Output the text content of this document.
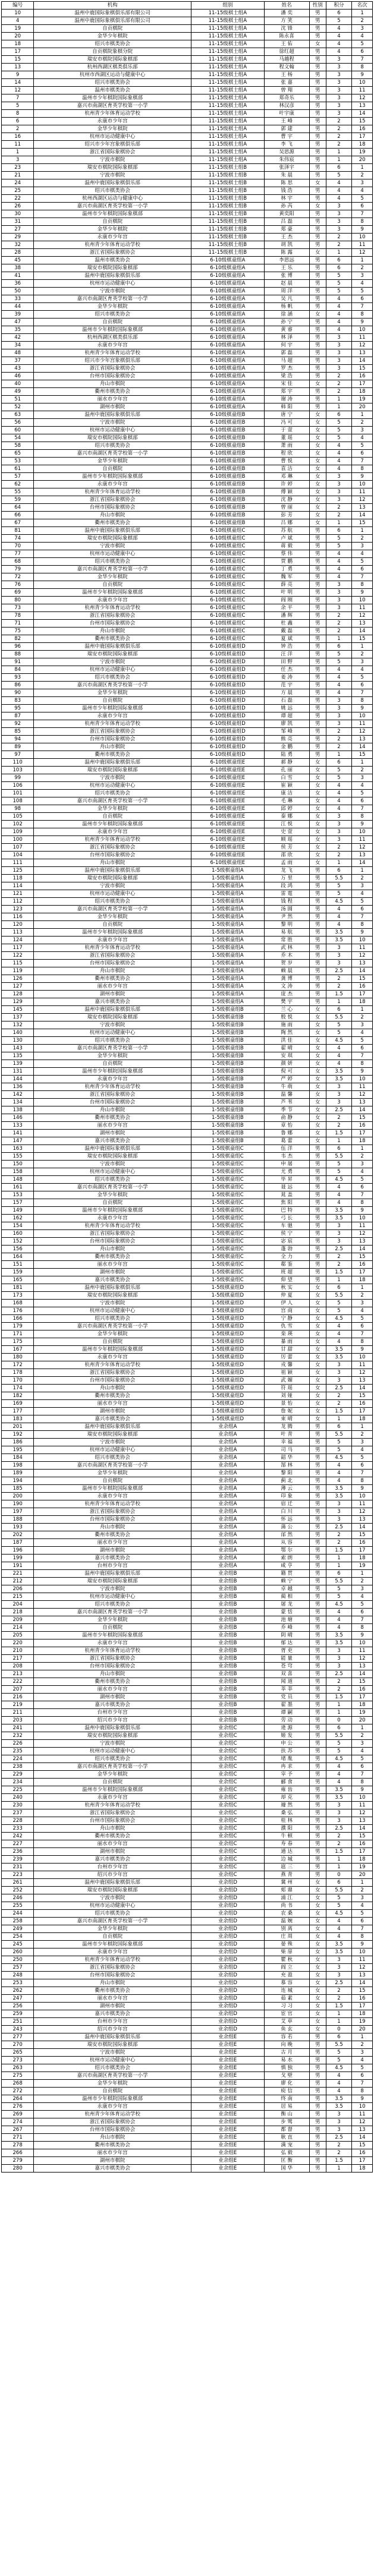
编号	机构	组别	姓名	性别	积分	名次
10	温州中鹿国际象棋俱乐部有限公司	11-15级棋士组A	潘 奕	男	6	1
4	温州中鹿国际象棋俱乐部有限公司	11-15级棋士组A	方 笑	男	5	2
19	自贡棋院	11-15级棋士组A	沈 锋	男	4	3
20	金华少年棋院	11-15级棋士组A	陈永喜	男	4	4
18	绍兴市棋类协会	11-15级棋士组A	王 佑	女	4	5
17	自贡棋院象棋分院	11-15级棋士组A	徐红超	男	4	6
15	瑞安市棋院国际象棋部	11-15级棋士组A	马越程	男	3	7
13	杭州西湖区棋类俱乐部	11-15级棋士组A	程文翰	男	3	8
9	杭州市西湖区运动与健康中心	11-15级棋士组A	王 杨	男	3	9
14	绍兴市棋类协会	11-15级棋士组A	张 嘉	男	3	10
12	温州市棋类协会	11-15级棋士组A	曾 翔	男	3	11
7	温州市少年棋院国际象棋部	11-15级棋士组A	郑奇乐	男	3	12
5	嘉兴市南湖区育英学校第一小学	11-15级棋士组A	林汉彦	男	3	13
8	杭州青少年体育运动学校	11-15级棋士组A	叶宇康	男	3	14
6	永康市少年宫	11-15级棋士组A	王 峰	男	2	15
2	金华少年棋院	11-15级棋士组A	郭 建	男	2	16
16	杭州市运动健康中心	11-15级棋士组A	曹 宇	男	2	17
11	绍兴市少年宫象棋俱乐部	11-15级棋士组A	李 飞	男	2	18
1	浙江省国际象棋协会	11-15级棋士组A	吴思源	男	1	19
3	宁波市棋院	11-15级棋士组A	朱伟宸	男	1	20
23	瑞安市棋院国际象棋部	11-15级棋士组B	张泽宇	男	6	1
21	宁波市棋院	11-15级棋士组B	朱 晨	男	5	2
24	温州中鹿国际象棋俱乐部	11-15级棋士组B	陈 思	女	4	3
25	绍兴市棋类协会	11-15级棋士组B	钱 浩	男	4	4
22	杭州西湖区运动与健康中心	11-15级棋士组B	林 宇	男	4	5
26	嘉兴市南湖区育英学校第一小学	11-15级棋士组B	孙 芮	女	3	6
30	温州市少年棋院国际象棋部	11-15级棋士组B	黄奕阳	男	3	7
31	自贡棋院	11-15级棋士组B	吕 磊	男	3	8
27	金华少年棋院	11-15级棋士组B	郑 豪	男	3	9
29	永康市少年宫	11-15级棋士组B	王 杰	男	2	10
32	杭州青少年体育运动学校	11-15级棋士组B	胡 凯	男	2	11
28	浙江省国际象棋协会	11-15级棋士组B	陈 露	女	1	12
45	温州市棋类协会	6-10级棋童组A	李思远	男	6	1
38	瑞安市棋院国际象棋部	6-10级棋童组A	王 乐	男	6	2
41	温州中鹿国际象棋俱乐部	6-10级棋童组A	张 博	男	5	3
36	杭州市运动健康中心	6-10级棋童组A	赵 晨	男	5	4
50	宁波市棋院	6-10级棋童组A	周 洋	男	5	5
33	嘉兴市南湖区育英学校第一小学	6-10级棋童组A	吴 凡	男	4	6
44	金华少年棋院	6-10级棋童组A	杨 帆	男	4	7
39	绍兴市棋类协会	6-10级棋童组A	徐 涵	女	4	8
47	自贡棋院	6-10级棋童组A	孙 宁	男	4	9
35	温州市少年棋院国际象棋部	6-10级棋童组A	黄 睿	男	4	10
42	杭州西湖区棋类俱乐部	6-10级棋童组A	林 泽	男	3	11
34	永康市少年宫	6-10级棋童组A	何 宇	男	3	12
48	杭州青少年体育运动学校	6-10级棋童组A	郭 磊	男	3	13
37	绍兴市少年宫象棋俱乐部	6-10级棋童组A	马 超	男	3	14
43	浙江省国际象棋协会	6-10级棋童组A	罗 杰	男	3	15
46	台州市国际象棋协会	6-10级棋童组A	梁 浩	男	2	16
40	舟山市棋院	6-10级棋童组A	宋 佳	女	2	17
49	衢州市棋类协会	6-10级棋童组A	郑 宇	男	2	18
51	丽水市少年宫	6-10级棋童组A	谢 涛	男	1	19
52	湖州市棋院	6-10级棋童组A	韩 阳	男	1	20
63	温州中鹿国际象棋俱乐部	6-10级棋童组B	唐 宁	女	6	1
56	宁波市棋院	6-10级棋童组B	冯 可	女	5	2
60	杭州市运动健康中心	6-10级棋童组B	于 萱	女	5	3
54	瑞安市棋院国际象棋部	6-10级棋童组B	董 瑶	女	5	4
58	绍兴市棋类协会	6-10级棋童组B	萧 雨	女	4	5
65	嘉兴市南湖区育英学校第一小学	6-10级棋童组B	程 欣	女	4	6
53	金华少年棋院	6-10级棋童组B	曹 悦	女	4	7
61	自贡棋院	6-10级棋童组B	袁 洁	女	4	8
57	温州市少年棋院国际象棋部	6-10级棋童组B	邓 琳	女	3	9
62	永康市少年宫	6-10级棋童组B	许 婷	女	3	10
55	杭州青少年体育运动学校	6-10级棋童组B	傅 颖	女	3	11
59	浙江省国际象棋协会	6-10级棋童组B	沈 静	女	3	12
64	台州市国际象棋协会	6-10级棋童组B	曾 丽	女	2	13
66	舟山市棋院	6-10级棋童组B	彭 芳	女	2	14
67	衢州市棋类协会	6-10级棋童组B	吕 娜	女	1	15
81	温州中鹿国际象棋俱乐部	6-10级棋童组C	苏 航	男	6	1
74	瑞安市棋院国际象棋部	6-10级棋童组C	卢 斌	男	5	2
70	宁波市棋院	6-10级棋童组C	蒋 毅	男	5	3
77	杭州市运动健康中心	6-10级棋童组C	蔡 伟	男	4	4
68	绍兴市棋类协会	6-10级棋童组C	贾 鹏	男	4	5
79	嘉兴市南湖区育英学校第一小学	6-10级棋童组C	丁 勇	男	4	6
72	金华少年棋院	6-10级棋童组C	魏 军	男	4	7
76	自贡棋院	6-10级棋童组C	薛 亮	男	3	8
69	温州市少年棋院国际象棋部	6-10级棋童组C	叶 明	男	3	9
80	永康市少年宫	6-10级棋童组C	阎 刚	男	3	10
73	杭州青少年体育运动学校	6-10级棋童组C	余 平	男	3	11
78	浙江省国际象棋协会	6-10级棋童组C	潘 辉	男	2	12
71	台州市国际象棋协会	6-10级棋童组C	杜 鑫	男	2	13
75	舟山市棋院	6-10级棋童组C	戴 磊	男	2	14
82	衢州市棋类协会	6-10级棋童组C	夏 斌	男	1	15
96	温州中鹿国际象棋俱乐部	6-10级棋童组D	钟 浩	男	6	1
88	瑞安市棋院国际象棋部	6-10级棋童组D	汪 洋	男	5	2
91	宁波市棋院	6-10级棋童组D	田 野	男	5	3
84	杭州市运动健康中心	6-10级棋童组D	任 杰	男	4	4
93	绍兴市棋类协会	6-10级棋童组D	姜 涛	男	4	5
86	嘉兴市南湖区育英学校第一小学	6-10级棋童组D	范 宇	男	4	6
90	金华少年棋院	6-10级棋童组D	方 晨	男	4	7
83	自贡棋院	6-10级棋童组D	石 磊	男	3	8
95	温州市少年棋院国际象棋部	6-10级棋童组D	姚 远	男	3	9
87	永康市少年宫	6-10级棋童组D	谭 超	男	3	10
92	杭州青少年体育运动学校	6-10级棋童组D	廖 凯	男	3	11
85	浙江省国际象棋协会	6-10级棋童组D	邹 峰	男	2	12
94	台州市国际象棋协会	6-10级棋童组D	熊 亮	男	2	13
89	舟山市棋院	6-10级棋童组D	金 鹏	男	2	14
97	衢州市棋类协会	6-10级棋童组D	陆 勇	男	1	15
110	温州中鹿国际象棋俱乐部	6-10级棋童组E	郝 静	女	6	1
103	瑞安市棋院国际象棋部	6-10级棋童组E	孔 丽	女	5	2
99	宁波市棋院	6-10级棋童组E	白 雪	女	5	3
106	杭州市运动健康中心	6-10级棋童组E	崔 颖	女	4	4
101	绍兴市棋类协会	6-10级棋童组E	康 洁	女	4	5
108	嘉兴市南湖区育英学校第一小学	6-10级棋童组E	毛 琳	女	4	6
98	金华少年棋院	6-10级棋童组E	邱 婷	女	4	7
105	自贡棋院	6-10级棋童组E	秦 娜	女	3	8
102	温州市少年棋院国际象棋部	6-10级棋童组E	江 悦	女	3	9
109	永康市少年宫	6-10级棋童组E	史 萱	女	3	10
100	杭州青少年体育运动学校	6-10级棋童组E	顾 瑶	女	3	11
107	浙江省国际象棋协会	6-10级棋童组E	侯 芳	女	2	12
104	台州市国际象棋协会	6-10级棋童组E	邵 欣	女	2	13
111	舟山市棋院	6-10级棋童组E	孟 雨	女	1	14
125	温州中鹿国际象棋俱乐部	1-5级棋童组A	龙 飞	男	6	1
118	瑞安市棋院国际象棋部	1-5级棋童组A	万 里	男	5.5	2
114	宁波市棋院	1-5级棋童组A	段 鸿	男	5	3
121	杭州市运动健康中心	1-5级棋童组A	雷 霆	男	5	4
112	绍兴市棋类协会	1-5级棋童组A	钱 程	男	4.5	5
123	嘉兴市南湖区育英学校第一小学	1-5级棋童组A	汤 圆	男	4	6
116	金华少年棋院	1-5级棋童组A	尹 然	男	4	7
120	自贡棋院	1-5级棋童组A	黎 明	男	4	8
113	温州市少年棋院国际象棋部	1-5级棋童组A	易 航	男	3.5	9
124	永康市少年宫	1-5级棋童组A	常 胜	男	3.5	10
117	杭州青少年体育运动学校	1-5级棋童组A	武 林	男	3	11
122	浙江省国际象棋协会	1-5级棋童组A	乔 木	男	3	12
115	台州市国际象棋协会	1-5级棋童组A	贺 岁	男	3	13
119	舟山市棋院	1-5级棋童组A	赖 晨	男	2.5	14
126	衢州市棋类协会	1-5级棋童组A	龚 博	男	2	15
127	丽水市少年宫	1-5级棋童组A	文 涛	男	2	16
128	湖州市棋院	1-5级棋童组A	庞 杰	男	1.5	17
129	嘉兴市棋类协会	1-5级棋童组A	樊 宇	男	1	18
145	温州中鹿国际象棋俱乐部	1-5级棋童组B	兰 心	女	6	1
137	瑞安市棋院国际象棋部	1-5级棋童组B	殷 悦	女	5.5	2
132	宁波市棋院	1-5级棋童组B	施 雨	女	5	3
140	杭州市运动健康中心	1-5级棋童组B	陶 然	女	5	4
130	绍兴市棋类协会	1-5级棋童组B	洪 佳	女	4.5	5
143	嘉兴市南湖区育英学校第一小学	1-5级棋童组B	翟 晴	女	4	6
135	金华少年棋院	1-5级棋童组B	安 琪	女	4	7
139	自贡棋院	1-5级棋童组B	颜 妍	女	4	8
131	温州市少年棋院国际象棋部	1-5级棋童组B	倪 可	女	3.5	9
144	永康市少年宫	1-5级棋童组B	严 婷	女	3.5	10
136	杭州青少年体育运动学校	1-5级棋童组B	牛 萌	女	3	11
142	浙江省国际象棋协会	1-5级棋童组B	温 馨	女	3	12
134	台州市国际象棋协会	1-5级棋童组B	芦 苇	女	3	13
138	舟山市棋院	1-5级棋童组B	季 节	女	2.5	14
146	衢州市棋类协会	1-5级棋童组B	俞 静	女	2	15
133	丽水市少年宫	1-5级棋童组B	章 怡	女	2	16
141	湖州市棋院	1-5级棋童组B	鲁 娜	女	1.5	17
147	嘉兴市棋类协会	1-5级棋童组B	葛 蕾	女	1	18
163	温州中鹿国际象棋俱乐部	1-5级棋童组C	伍 洋	男	6	1
155	瑞安市棋院国际象棋部	1-5级棋童组C	韦 杰	男	5.5	2
150	宁波市棋院	1-5级棋童组C	申 屠	男	5	3
158	杭州市运动健康中心	1-5级棋童组C	尤 勇	男	5	4
148	绍兴市棋类协会	1-5级棋童组C	毕 昇	男	4.5	5
161	嘉兴市南湖区育英学校第一小学	1-5级棋童组C	聂 远	男	4	6
153	金华少年棋院	1-5级棋童组C	晁 盖	男	4	7
157	自贡棋院	1-5级棋童组C	焦 阳	男	4	8
149	温州市少年棋院国际象棋部	1-5级棋童组C	巴 特	男	3.5	9
162	永康市少年宫	1-5级棋童组C	弓 长	男	3.5	10
154	杭州青少年体育运动学校	1-5级棋童组C	车 驰	男	3	11
160	浙江省国际象棋协会	1-5级棋童组C	侯 宁	男	3	12
152	台州市国际象棋协会	1-5级棋童组C	宓 宸	男	3	13
156	舟山市棋院	1-5级棋童组C	蓬 勃	男	2.5	14
164	衢州市棋类协会	1-5级棋童组C	全 力	男	2	15
151	丽水市少年宫	1-5级棋童组C	郗 鉴	男	2	16
159	湖州市棋院	1-5级棋童组C	班 超	男	1.5	17
165	嘉兴市棋类协会	1-5级棋童组C	仰 望	男	1	18
181	温州中鹿国际象棋俱乐部	1-5级棋童组D	秋 实	女	6	1
173	瑞安市棋院国际象棋部	1-5级棋童组D	仲 夏	女	5.5	2
168	宁波市棋院	1-5级棋童组D	伊 人	女	5	3
176	杭州市运动健康中心	1-5级棋童组D	宫 商	女	5	4
166	绍兴市棋类协会	1-5级棋童组D	宁 静	女	4.5	5
179	嘉兴市南湖区育英学校第一小学	1-5级棋童组D	仇 雪	女	4	6
171	金华少年棋院	1-5级棋童组D	栾 瑛	女	4	7
175	自贡棋院	1-5级棋童组D	暴 雨	女	4	8
167	温州市少年棋院国际象棋部	1-5级棋童组D	甘 甜	女	3.5	9
180	永康市少年宫	1-5级棋童组D	厉 蕾	女	3.5	10
172	杭州青少年体育运动学校	1-5级棋童组D	戎 馨	女	3	11
178	浙江省国际象棋协会	1-5级棋童组D	祖 颖	女	3	12
170	台州市国际象棋协会	1-5级棋童组D	武 媚	女	3	13
174	舟山市棋院	1-5级棋童组D	符 瑶	女	2.5	14
182	衢州市棋类协会	1-5级棋童组D	刘 娅	女	2	15
169	丽水市少年宫	1-5级棋童组D	景 怡	女	2	16
177	湖州市棋院	1-5级棋童组D	詹 妮	女	1.5	17
183	嘉兴市棋类协会	1-5级棋童组D	束 晴	女	1	18
201	温州中鹿国际象棋俱乐部	业余组A	龙 腾	男	6	1
192	瑞安市棋院国际象棋部	业余组A	叶 青	男	5.5	2
186	宁波市棋院	业余组A	幸 福	男	5	3
195	杭州市运动健康中心	业余组A	司 马	男	5	4
184	绍兴市棋类协会	业余组A	韶 华	男	4.5	5
198	嘉兴市南湖区育英学校第一小学	业余组A	郜 林	男	4	6
189	金华少年棋院	业余组A	黎 阳	男	4	7
194	自贡棋院	业余组A	蓟 北	男	4	8
185	温州市少年棋院国际象棋部	业余组A	薄 云	男	3.5	9
200	永康市少年宫	业余组A	印 象	男	3.5	10
190	杭州青少年体育运动学校	业余组A	宿 迁	男	3	11
197	浙江省国际象棋协会	业余组A	白 川	男	3	12
188	台州市国际象棋协会	业余组A	怀 远	男	3	13
193	舟山市棋院	业余组A	蒲 公	男	2.5	14
202	衢州市棋类协会	业余组A	邰 然	男	2	15
187	丽水市少年宫	业余组A	从 容	男	2	16
196	湖州市棋院	业余组A	鄂 尔	男	1.5	17
199	嘉兴市棋类协会	业余组A	索 朗	男	1	18
191	台州市少年宫	业余组A	咸 亨	男	1	19
221	温州中鹿国际象棋俱乐部	业余组B	籍 贯	男	6	1
212	瑞安市棋院国际象棋部	业余组B	赖 宁	男	5.5	2
206	宁波市棋院	业余组B	卓 越	男	5	3
215	杭州市运动健康中心	业余组B	蔺 相	男	5	4
204	绍兴市棋类协会	业余组B	屠 龙	男	4.5	5
218	嘉兴市南湖区育英学校第一小学	业余组B	蒙 恬	男	4	6
209	金华少年棋院	业余组B	池 塘	男	4	7
214	自贡棋院	业余组B	乔 峰	男	4	8
205	温州市少年棋院国际象棋部	业余组B	阴 晴	男	3.5	9
220	永康市少年宫	业余组B	郁 达	男	3.5	10
210	杭州青少年体育运动学校	业余组B	胥 吏	男	3	11
217	浙江省国际象棋协会	业余组B	能 量	男	3	12
208	台州市国际象棋协会	业余组B	苍 穹	男	3	13
213	舟山市棋院	业余组B	双 喜	男	2.5	14
222	衢州市棋类协会	业余组B	闻 道	男	2	15
207	丽水市少年宫	业余组B	莘 莘	男	2	16
216	湖州市棋院	业余组B	党 员	男	1.5	17
219	嘉兴市棋类协会	业余组B	翟 墨	男	1	18
211	台州市少年宫	业余组B	谭 嗣	男	1	19
203	绍兴市少年宫	业余组B	劳 动	男	0	20
241	温州中鹿国际象棋俱乐部	业余组C	逄 源	男	6	1
232	瑞安市棋院国际象棋部	业余组C	姬 发	男	5.5	2
226	宁波市棋院	业余组C	申 公	男	5	3
235	杭州市运动健康中心	业余组C	扶 苏	男	5	4
224	绍兴市棋类协会	业余组C	堵 胤	男	4.5	5
238	嘉兴市南湖区育英学校第一小学	业余组C	冉 求	男	4	6
229	金华少年棋院	业余组C	宰 予	男	4	7
234	自贡棋院	业余组C	郦 食	男	4	8
225	温州市少年棋院国际象棋部	业余组C	雍 齿	男	3.5	9
240	永康市少年宫	业余组C	却 克	男	3.5	10
230	杭州青少年体育运动学校	业余组C	璩 然	男	3	11
237	浙江省国际象棋协会	业余组C	桑 弘	男	3	12
228	台州市国际象棋协会	业余组C	桂 林	男	3	13
233	舟山市棋院	业余组C	濮 阳	男	2.5	14
242	衢州市棋类协会	业余组C	牛 顿	男	2	15
227	丽水市少年宫	业余组C	寿 春	男	2	16
236	湖州市棋院	业余组C	通 达	男	1.5	17
239	嘉兴市棋类协会	业余组C	边 城	男	1	18
231	台州市少年宫	业余组C	扈 三	男	1	19
223	绍兴市少年宫	业余组C	燕 青	男	0	20
261	温州中鹿国际象棋俱乐部	业余组D	冀 州	女	6	1
252	瑞安市棋院国际象棋部	业余组D	郏 鼎	女	5.5	2
246	宁波市棋院	业余组D	浦 江	女	5	3
255	杭州市运动健康中心	业余组D	尚 书	女	5	4
244	绍兴市棋类协会	业余组D	农 桑	女	4.5	5
258	嘉兴市南湖区育英学校第一小学	业余组D	温 婉	女	4	6
249	金华少年棋院	业余组D	别 离	女	4	7
254	自贡棋院	业余组D	庄 周	女	4	8
245	温州市少年棋院国际象棋部	业余组D	晏 殊	女	3.5	9
260	永康市少年宫	业余组D	柴 扉	女	3.5	10
250	杭州青少年体育运动学校	业余组D	瞿 秋	女	3	11
257	浙江省国际象棋协会	业余组D	阎 立	女	3	12
248	台州市国际象棋协会	业余组D	充 盈	女	3	13
253	舟山市棋院	业余组D	慕 容	女	2.5	14
262	衢州市棋类协会	业余组D	连 城	女	2	15
247	丽水市少年宫	业余组D	茹 素	女	2	16
256	湖州市棋院	业余组D	习 习	女	1.5	17
259	嘉兴市棋类协会	业余组D	宦 官	女	1	18
251	台州市少年宫	业余组D	艾 草	女	1	19
243	绍兴市少年宫	业余组D	鱼 玄	女	0	20
277	温州中鹿国际象棋俱乐部	业余组E	容 若	男	6	1
270	瑞安市棋院国际象棋部	业余组E	向 晚	男	5.5	2
265	宁波市棋院	业余组E	古 月	男	5	3
273	杭州市运动健康中心	业余组E	易 水	男	5	4
263	绍兴市棋类协会	业余组E	慎 独	男	4.5	5
275	嘉兴市南湖区育英学校第一小学	业余组E	戈 壁	男	4	6
268	金华少年棋院	业余组E	廖 化	男	4	7
272	自贡棋院	业余组E	庾 信	男	4	8
264	温州市少年棋院国际象棋部	业余组E	终 南	男	3.5	9
276	永康市少年宫	业余组E	居 易	男	3.5	10
269	杭州青少年体育运动学校	业余组E	衡 山	男	3	11
274	浙江省国际象棋协会	业余组E	步 骘	男	3	12
267	台州市国际象棋协会	业余组E	都 督	男	3	13
271	舟山市棋院	业余组E	耿 直	男	2.5	14
278	衢州市棋类协会	业余组E	满 宠	男	2	15
266	丽水市少年宫	业余组E	弘 毅	男	2	16
279	湖州市棋院	业余组E	匡 衡	男	1.5	17
280	嘉兴市棋类协会	业余组E	国 华	男	1	18
